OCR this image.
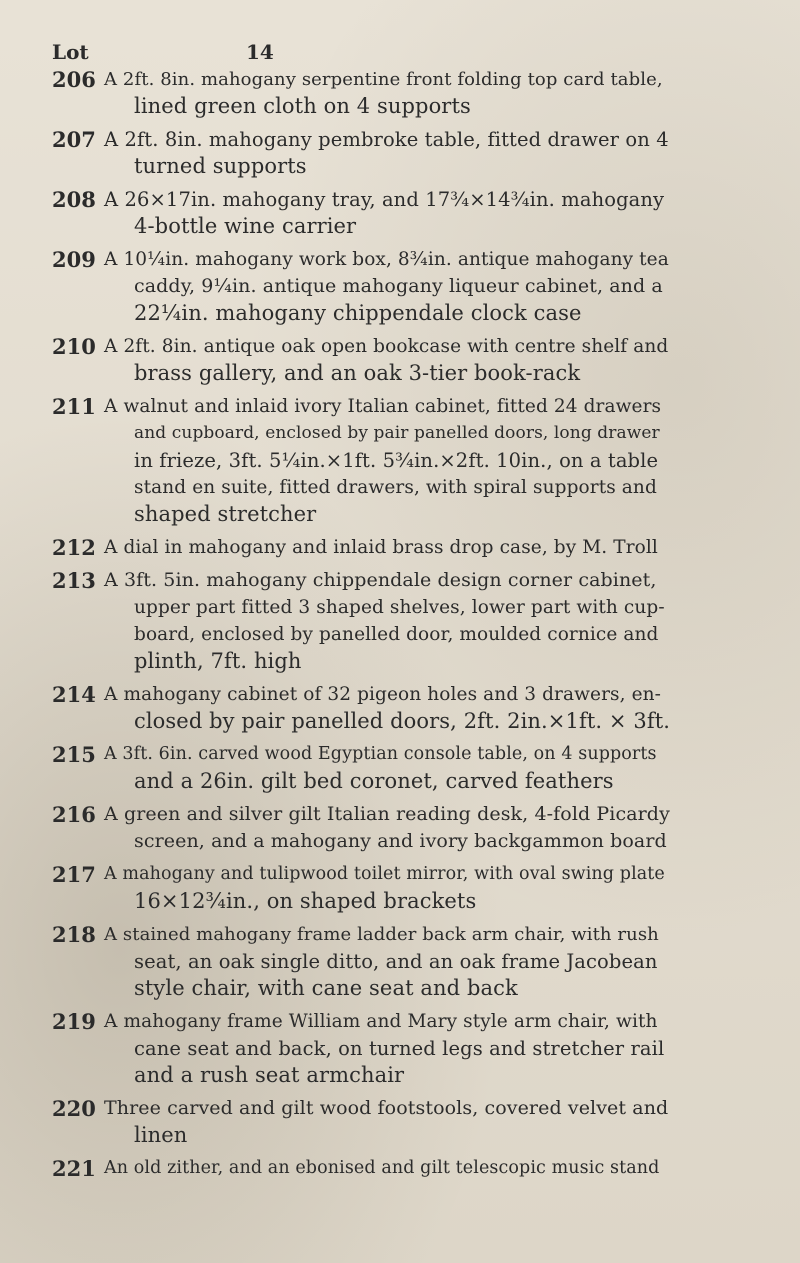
Lot	14
206 A 2ft. 8in. mahogany serpentine front folding top card table,
lined green cloth on 4 supports
207 A 2ft. 8in. mahogany pembroke table, fitted drawer on 4
turned supports
208 A 26×17in. mahogany tray, and 17¾×14¾in. mahogany
4-bottle wine carrier
209 A 10¼in. mahogany work box, 8¾in. antique mahogany tea
caddy, 9¼in. antique mahogany liqueur cabinet, and a
22¼in. mahogany chippendale clock case
210 A 2ft. 8in. antique oak open bookcase with centre shelf and
brass gallery, and an oak 3-tier book-rack
211 A walnut and inlaid ivory Italian cabinet, fitted 24 drawers
and cupboard, enclosed by pair panelled doors, long drawer
in frieze, 3ft. 5¼in.×1ft. 5¾in.×2ft. 10in., on a table
stand en suite, fitted drawers, with spiral supports and
shaped stretcher
212 A dial in mahogany and inlaid brass drop case, by M. Troll
213 A 3ft. 5in. mahogany chippendale design corner cabinet,
upper part fitted 3 shaped shelves, lower part with cup-
board, enclosed by panelled door, moulded cornice and
plinth, 7ft. high
214 A mahogany cabinet of 32 pigeon holes and 3 drawers, en-
closed by pair panelled doors, 2ft. 2in.×1ft. × 3ft.
215 A 3ft. 6in. carved wood Egyptian console table, on 4 supports
and a 26in. gilt bed coronet, carved feathers
216 A green and silver gilt Italian reading desk, 4-fold Picardy
screen, and a mahogany and ivory backgammon board
217 A mahogany and tulipwood toilet mirror, with oval swing plate
16×12¾in., on shaped brackets
218 A stained mahogany frame ladder back arm chair, with rush
seat, an oak single ditto, and an oak frame Jacobean
style chair, with cane seat and back
219 A mahogany frame William and Mary style arm chair, with
cane seat and back, on turned legs and stretcher rail
and a rush seat armchair
220 Three carved and gilt wood footstools, covered velvet and
linen
221 An old zither, and an ebonised and gilt telescopic music stand
